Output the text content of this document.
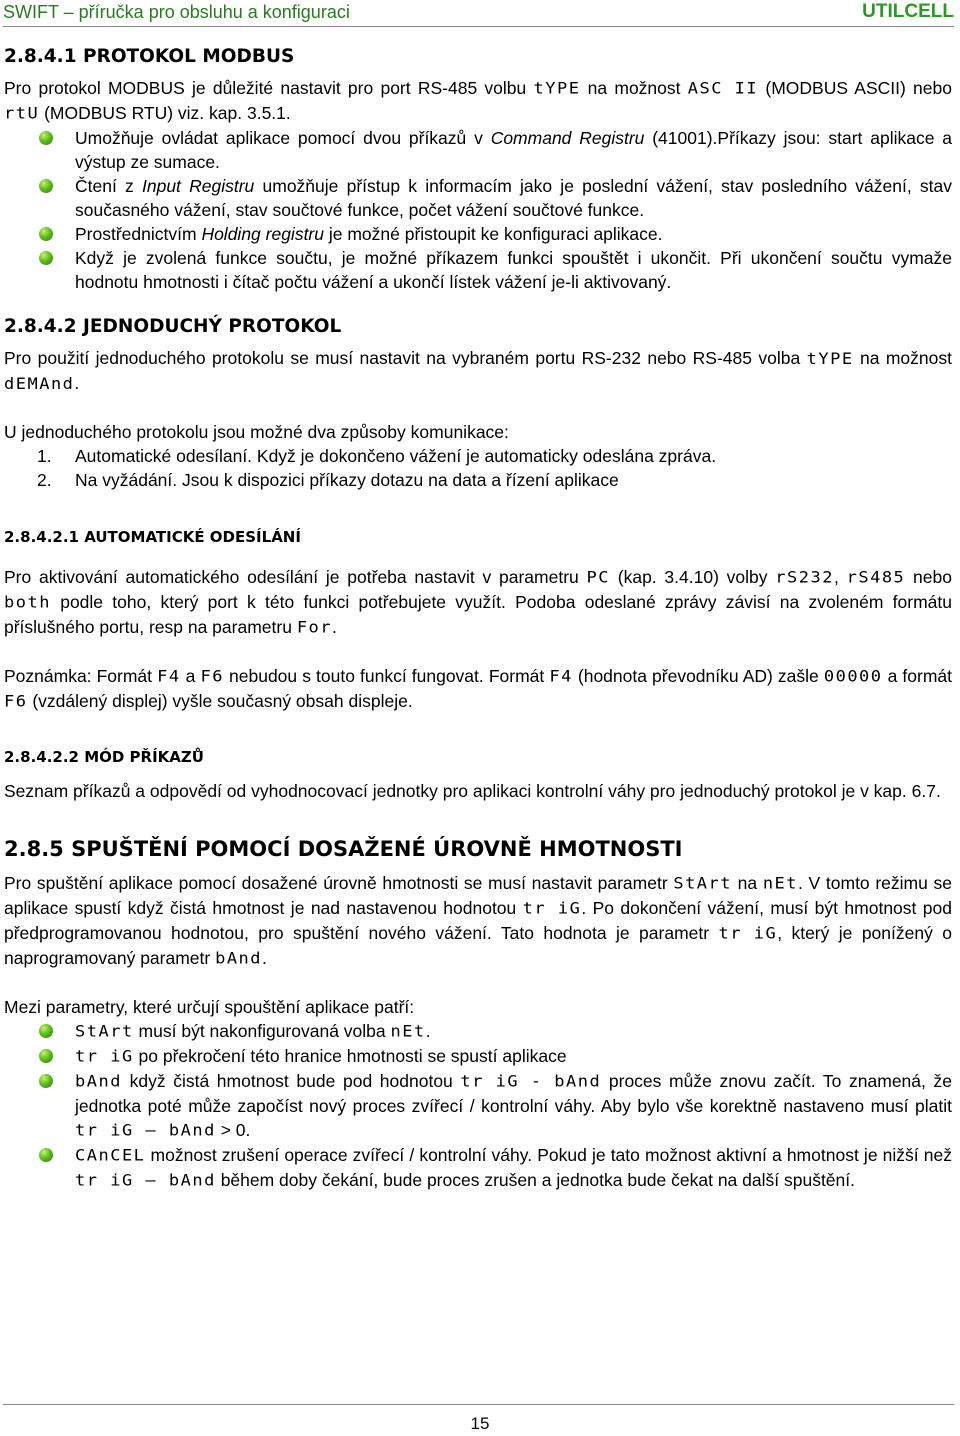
SWIFT – příručka pro obsluhu a konfiguraci	UTILCELL
2.8.4.1 PROTOKOL MODBUS

Pro protokol MODBUS je důležité nastavit pro port RS-485 volbu tYPE na možnost ASC II (MODBUS ASCII) nebo rtU (MODBUS RTU) viz. kap. 3.5.1.

Umožňuje ovládat aplikace pomocí dvou příkazů v Command Registru (41001).Příkazy jsou: start aplikace a výstup ze sumace.
Čtení z Input Registru umožňuje přístup k informacím jako je poslední vážení, stav posledního vážení, stav současného vážení, stav součtové funkce, počet vážení součtové funkce.
Prostřednictvím Holding registru je možné přistoupit ke konfiguraci aplikace.
Když je zvolená funkce součtu, je možné příkazem funkci spouštět i ukončit. Při ukončení součtu vymaže hodnotu hmotnosti i čítač počtu vážení a ukončí lístek vážení je-li aktivovaný.
2.8.4.2 JEDNODUCHÝ PROTOKOL

Pro použití jednoduchého protokolu se musí nastavit na vybraném portu RS-232 nebo RS-485 volba tYPE na možnost dEMAnd.

U jednoduchého protokolu jsou možné dva způsoby komunikace:

1. Automatické odesílaní. Když je dokončeno vážení je automaticky odeslána zpráva.
2. Na vyžádání. Jsou k dispozici příkazy dotazu na data a řízení aplikace
2.8.4.2.1 AUTOMATICKÉ ODESÍLÁNÍ

Pro aktivování automatického odesílání je potřeba nastavit v parametru PC (kap. 3.4.10) volby rS232, rS485 nebo both podle toho, který port k této funkci potřebujete využít. Podoba odeslané zprávy závisí na zvoleném formátu příslušného portu, resp na parametru For.

Poznámka: Formát F4 a F6 nebudou s touto funkcí fungovat. Formát F4 (hodnota převodníku AD) zašle 00000 a formát F6 (vzdálený displej) vyšle současný obsah displeje.

2.8.4.2.2 MÓD PŘÍKAZŮ

Seznam příkazů a odpovědí od vyhodnocovací jednotky pro aplikaci kontrolní váhy pro jednoduchý protokol je v kap. 6.7.

2.8.5 SPUŠTĚNÍ POMOCÍ DOSAŽENÉ ÚROVNĚ HMOTNOSTI

Pro spuštění aplikace pomocí dosažené úrovně hmotnosti se musí nastavit parametr StArt na nEt. V tomto režimu se aplikace spustí když čistá hmotnost je nad nastavenou hodnotou tr iG. Po dokončení vážení, musí být hmotnost pod předprogramovanou hodnotou, pro spuštění nového vážení. Tato hodnota je parametr tr iG, který je ponížený o naprogramovaný parametr bAnd.

Mezi parametry, které určují spouštění aplikace patří:

StArt musí být nakonfigurovaná volba nEt.
tr iG po překročení této hranice hmotnosti se spustí aplikace
bAnd když čistá hmotnost bude pod hodnotou tr iG - bAnd proces může znovu začít. To znamená, že jednotka poté může započíst nový proces zvířecí / kontrolní váhy. Aby bylo vše korektně nastaveno musí platit tr iG – bAnd > 0.
CAnCEL možnost zrušení operace zvířecí / kontrolní váhy. Pokud je tato možnost aktivní a hmotnost je nižší než tr iG – bAnd během doby čekání, bude proces zrušen a jednotka bude čekat na další spuštění.
15
